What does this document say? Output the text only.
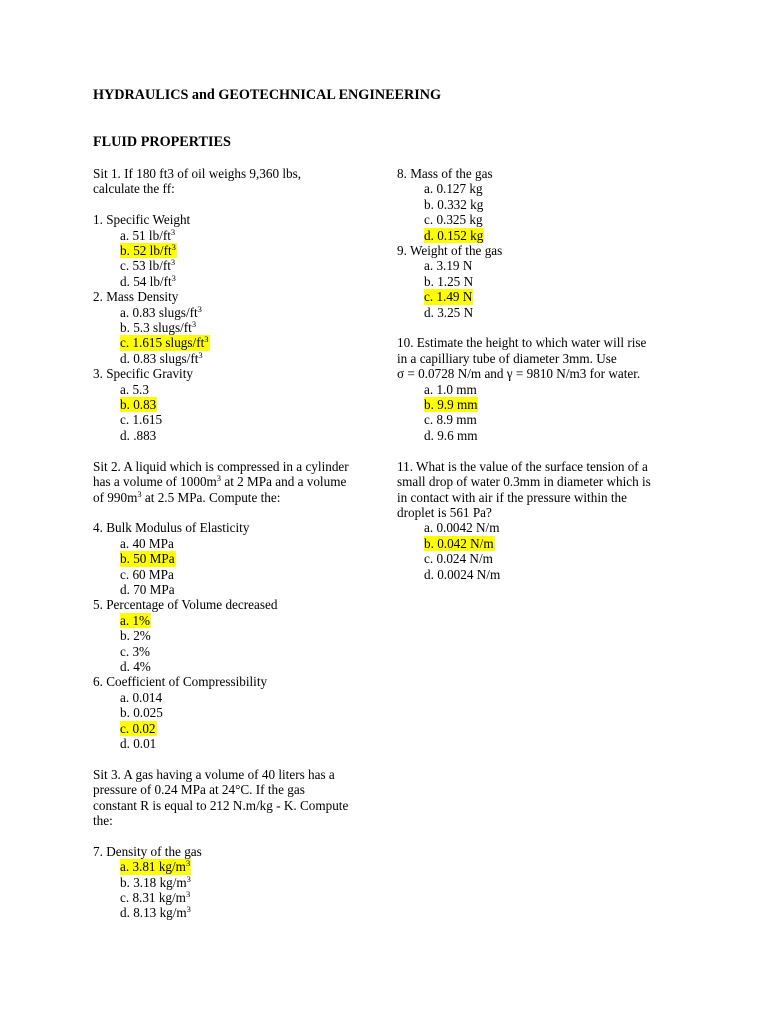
HYDRAULICS and GEOTECHNICAL ENGINEERING
FLUID PROPERTIES

Sit 1. If 180 ft3 of oil weighs 9,360 lbs,

calculate the ff:

1. Specific Weight

a. 51 $lb/ft^3$
b. 52 $lb/ft^3$
c. 53 $lb/ft^3$
d. 54 $lb/ft^3$

2. Mass Density

a. 0.83 slugs/$ft^3$
b. 5.3 slugs/$ft^3$
c. 1.615 slugs/$ft^3$
d. 0.83 slugs/$ft^3$

3. Specific Gravity

a. 5.3
b. 0.83
c. 1.615
d. .883

Sit 2. A liquid which is compressed in a cylinder

has a volume of $1000m^3$ at 2 MPa and a volume

of $990m^3$ at 2.5 MPa. Compute the:

4. Bulk Modulus of Elasticity

a. 40 MPa
b. 50 MPa
c. 60 MPa
d. 70 MPa

5. Percentage of Volume decreased

a. 1%
b. 2%
c. 3%
d. 4%

6. Coefficient of Compressibility

a. 0.014
b. 0.025
c. 0.02
d. 0.01

Sit 3. A gas having a volume of 40 liters has a

pressure of 0.24 MPa at 24°C. If the gas

constant R is equal to 212 N.m/kg - K. Compute

the:

7. Density of the gas

a. 3.81 $kg/m^3$
b. 3.18 $kg/m^3$
c. 8.31 $kg/m^3$
d. 8.13 $kg/m^3$

8. Mass of the gas

a. 0.127 kg
b. 0.332 kg
c. 0.325 kg
d. 0.152 kg

9. Weight of the gas

a. 3.19 N
b. 1.25 N
c. 1.49 N
d. 3.25 N

10. Estimate the height to which water will rise

in a capilliary tube of diameter 3mm. Use

σ = 0.0728 N/m and γ = 9810 N/m3 for water.

a. 1.0 mm
b. 9.9 mm
c. 8.9 mm
d. 9.6 mm

11. What is the value of the surface tension of a

small drop of water 0.3mm in diameter which is

in contact with air if the pressure within the

droplet is 561 Pa?

a. 0.0042 N/m
b. 0.042 N/m
c. 0.024 N/m
d. 0.0024 N/m
